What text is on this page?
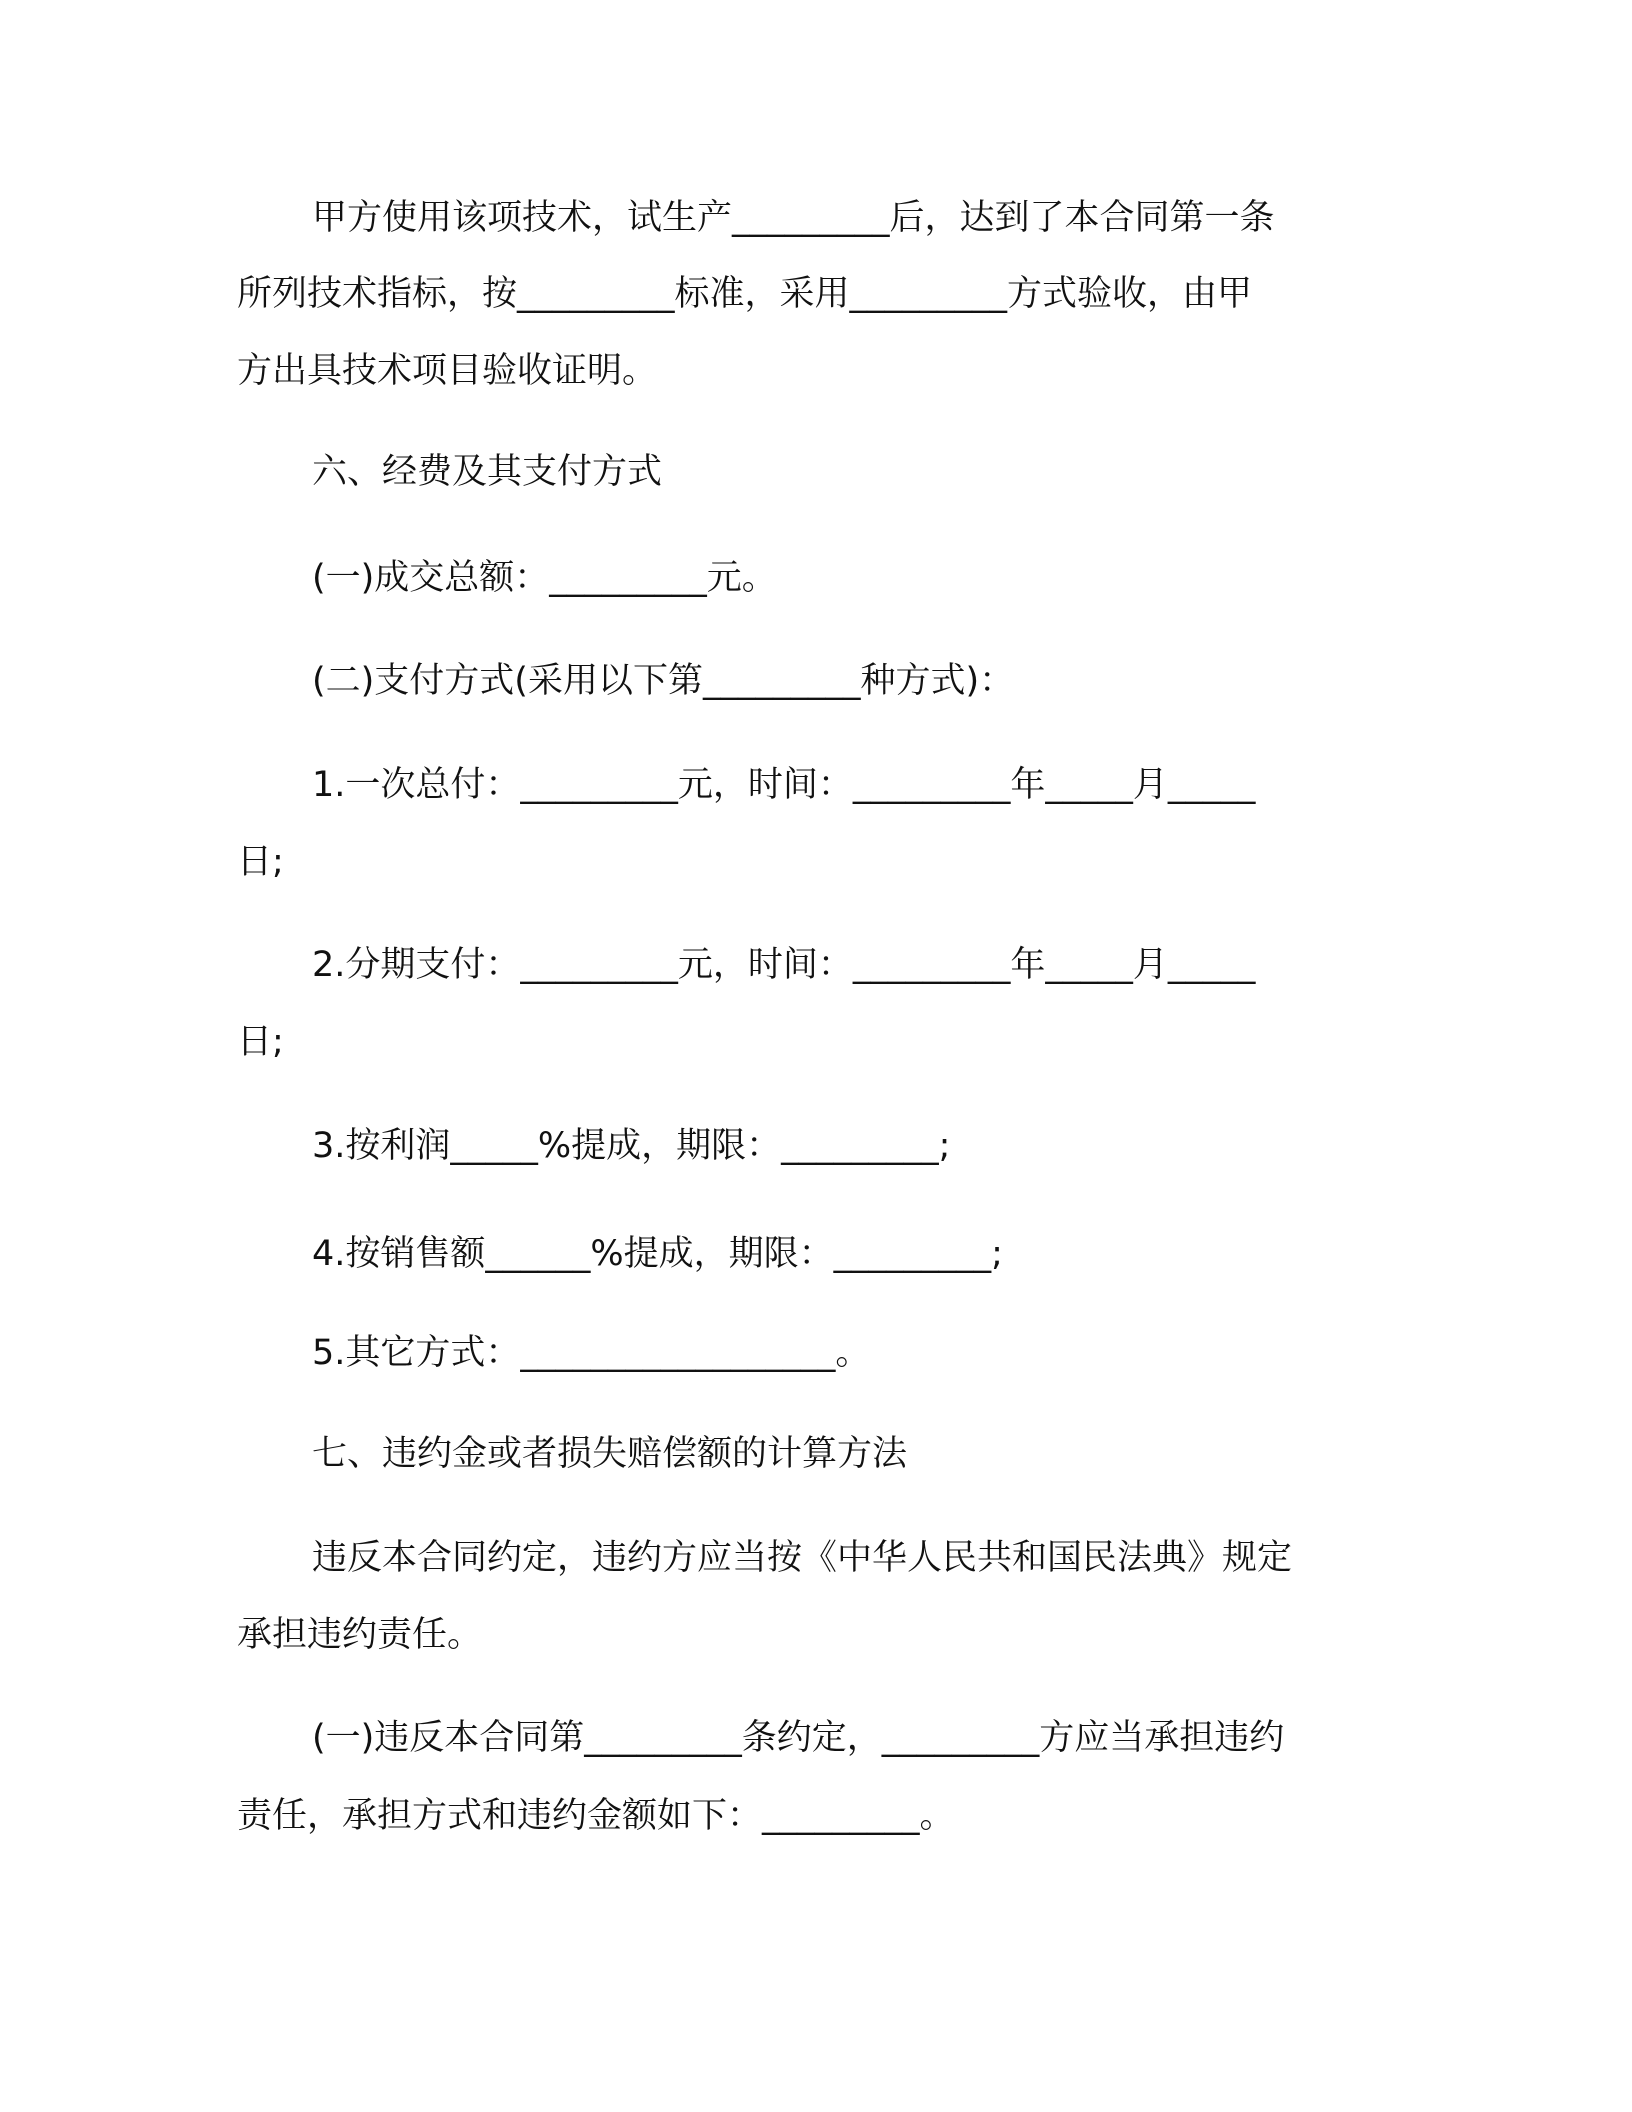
甲方使用该项技术，试生产_________后，达到了本合同第一条
所列技术指标，按_________标准，采用_________方式验收，由甲
方出具技术项目验收证明。
六、经费及其支付方式
(一)成交总额：_________元。
(二)支付方式(采用以下第_________种方式)：
1.一次总付：_________元，时间：_________年_____月_____
日;
2.分期支付：_________元，时间：_________年_____月_____
日;
3.按利润_____%提成，期限：_________;
4.按销售额______%提成，期限：_________;
5.其它方式：__________________。
七、违约金或者损失赔偿额的计算方法
违反本合同约定，违约方应当按《中华人民共和国民法典》规定
承担违约责任。
(一)违反本合同第_________条约定，_________方应当承担违约
责任，承担方式和违约金额如下：_________。
